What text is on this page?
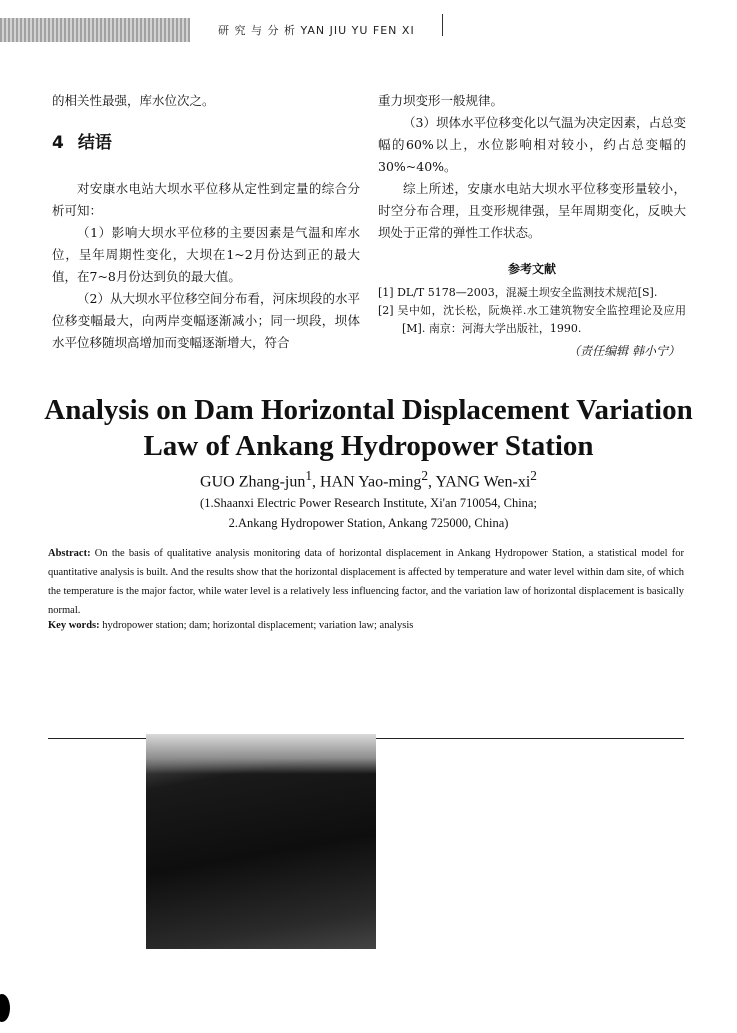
研 究 与 分 析 YAN JIU YU FEN XI

的相关性最强，库水位次之。

4 结语

对安康水电站大坝水平位移从定性到定量的综合分析可知：

（1）影响大坝水平位移的主要因素是气温和库水位，呈年周期性变化，大坝在1~2月份达到正的最大值，在7~8月份达到负的最大值。

（2）从大坝水平位移空间分布看，河床坝段的水平位移变幅最大，向两岸变幅逐渐减小；同一坝段，坝体水平位移随坝高增加而变幅逐渐增大，符合

重力坝变形一般规律。

（3）坝体水平位移变化以气温为决定因素，占总变幅的60%以上，水位影响相对较小，约占总变幅的30%~40%。

综上所述，安康水电站大坝水平位移变形量较小，时空分布合理，且变形规律强，呈年周期变化，反映大坝处于正常的弹性工作状态。

参考文献

[1] DL/T 5178—2003，混凝土坝安全监测技术规范[S].

[2] 吴中如，沈长松，阮焕祥.水工建筑物安全监控理论及应用[M]. 南京：河海大学出版社，1990.

（责任编辑 韩小宁）

Analysis on Dam Horizontal Displacement Variation
Law of Ankang Hydropower Station
GUO Zhang-jun$^1$, HAN Yao-ming$^2$, YANG Wen-$xi^2$
(1.Shaanxi Electric Power Research Institute, Xi'an 710054, China;
2.Ankang Hydropower Station, Ankang 725000, China)
Abstract: On the basis of qualitative analysis monitoring data of horizontal displacement in Ankang Hydropower Station, a statistical model for quantitative analysis is built. And the results show that the horizontal displacement is affected by temperature and water level within dam site, of which the temperature is the major factor, while water level is a relatively less influencing factor, and the variation law of horizontal displacement is basically normal.
Key words: hydropower station; dam; horizontal displacement; variation law; analysis
